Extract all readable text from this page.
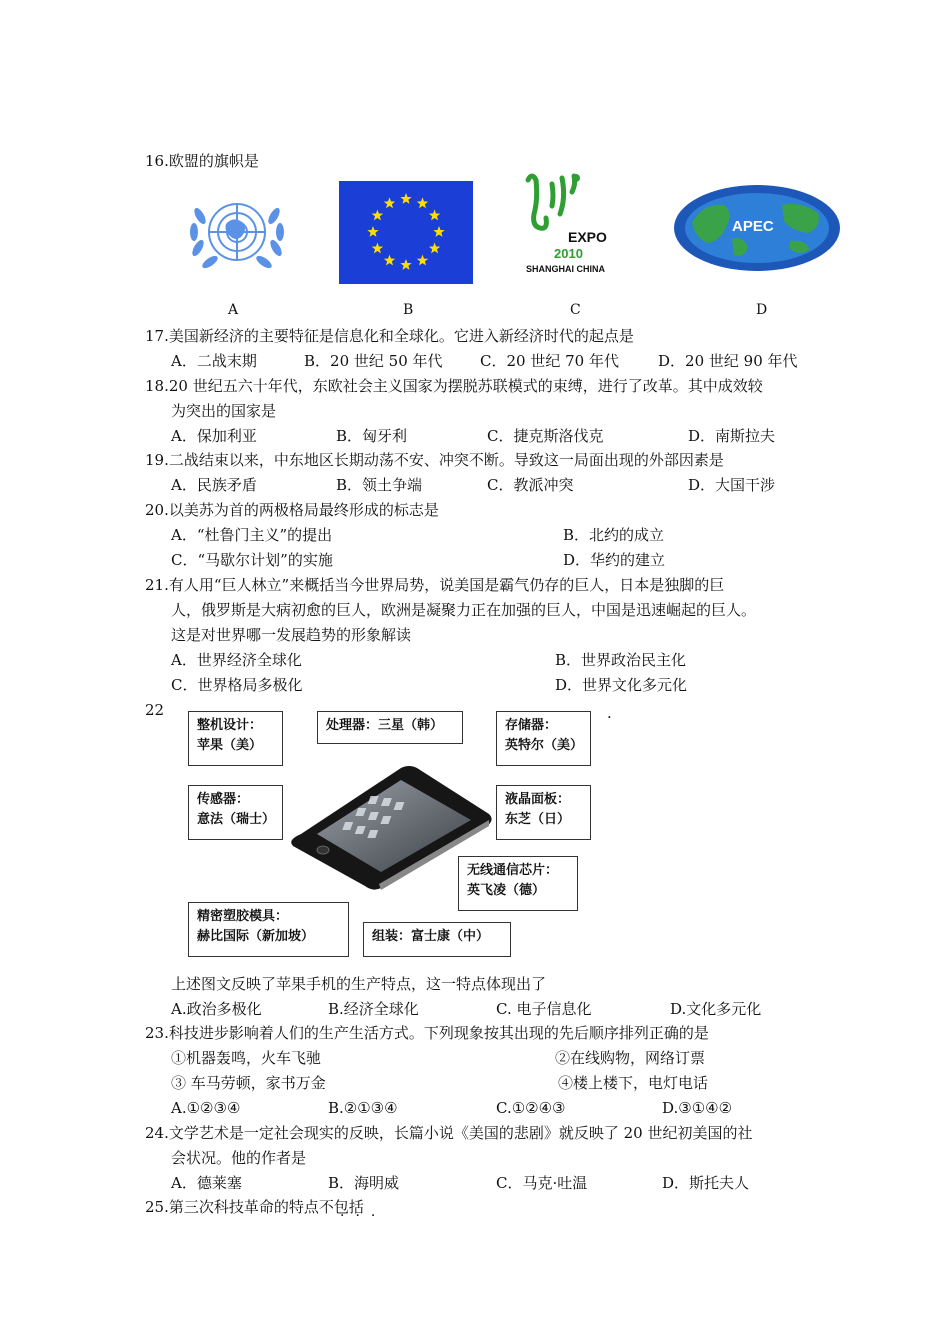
16.欧盟的旗帜是
EXPO
2010
SHANGHAI CHINA
APEC
A	B	C	D
17.美国新经济的主要特征是信息化和全球化。它进入新经济时代的起点是
A．二战末期	B．20 世纪 50 年代 C．20 世纪 70 年代	D．20 世纪 90 年代
18.20 世纪五六十年代，东欧社会主义国家为摆脱苏联模式的束缚，进行了改革。其中成效较
为突出的国家是
A．保加利亚	B．匈牙利	C．捷克斯洛伐克	D．南斯拉夫
19.二战结束以来，中东地区长期动荡不安、冲突不断。导致这一局面出现的外部因素是
A．民族矛盾	B．领土争端	C．教派冲突	D．大国干涉
20.以美苏为首的两极格局最终形成的标志是
A．“杜鲁门主义”的提出	B．北约的成立
C．“马歇尔计划”的实施	D．华约的建立
21.有人用“巨人林立”来概括当今世界局势，说美国是霸气仍存的巨人，日本是独脚的巨
人，俄罗斯是大病初愈的巨人，欧洲是凝聚力正在加强的巨人，中国是迅速崛起的巨人。
这是对世界哪一发展趋势的形象解读
A．世界经济全球化	B．世界政治民主化
C．世界格局多极化	D．世界文化多元化
22	.
整机设计：
苹果（美）
处理器：三星（韩）	存储器：
英特尔（美）
传感器：
意法（瑞士）
液晶面板：
东芝（日）
无线通信芯片：
英飞凌（德）
精密塑胶模具：
赫比国际（新加坡）	组装：富士康（中）
上述图文反映了苹果手机的生产特点，这一特点体现出了
A.政治多极化	B.经济全球化	C. 电子信息化	D.文化多元化
23.科技进步影响着人们的生产生活方式。下列现象按其出现的先后顺序排列正确的是
①机器轰鸣，火车飞驰	②在线购物，网络订票
③ 车马劳顿，家书万金	④楼上楼下，电灯电话
A.①②③④	B.②①③④	C.①②④③	D.③①④②
24.文学艺术是一定社会现实的反映，长篇小说《美国的悲剧》就反映了 20 世纪初美国的社
会状况。他的作者是
A．德莱塞	B．海明威	C．马克·吐温	D．斯托夫人
25.第三次科技革命的特点不包括
···
